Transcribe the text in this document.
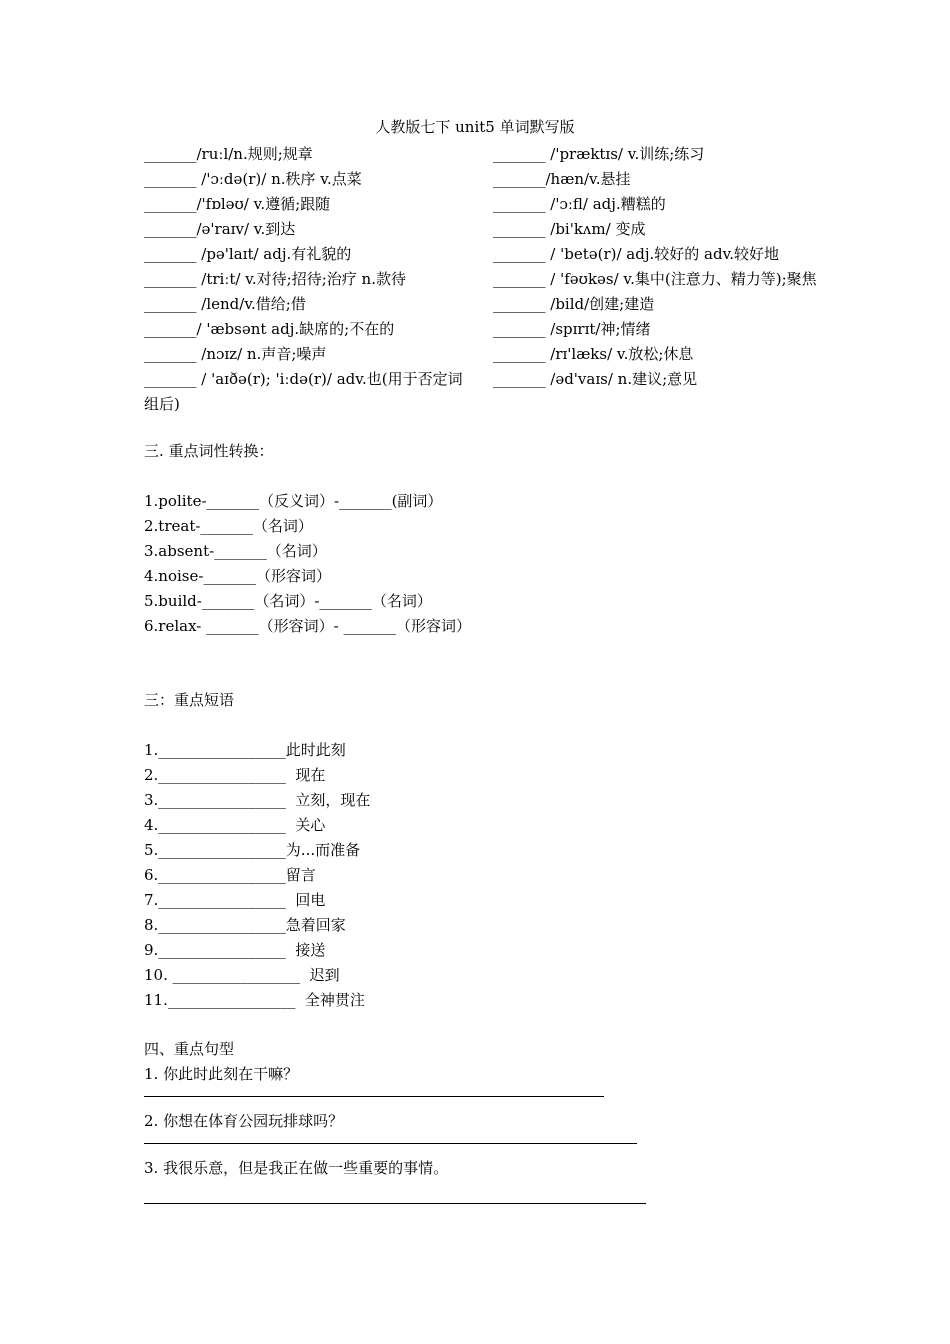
人教版七下 unit5 单词默写版
_______/ruːl/n.规则;规章
_______ /'ɔːdə(r)/ n.秩序 v.点菜
_______/'fɒləʊ/ v.遵循;跟随
_______/ə'raɪv/ v.到达
_______ /pə'laɪt/ adj.有礼貌的
_______ /triːt/ v.对待;招待;治疗 n.款待
_______ /lend/v.借给;借
_______/ 'æbsənt adj.缺席的;不在的
_______ /nɔɪz/ n.声音;噪声
_______ / 'aɪðə(r); 'iːdə(r)/ adv.也(用于否定词组后)
_______ /'præktɪs/ v.训练;练习
_______/hæn/v.悬挂
_______ /'ɔːfl/ adj.糟糕的
_______ /bi'kʌm/ 变成
_______ / 'betə(r)/ adj.较好的 adv.较好地
_______ / 'fəʊkəs/ v.集中(注意力、精力等);聚焦
_______ /bild/创建;建造
_______ /spɪrɪt/神;情绪
_______ /rɪ'læks/ v.放松;休息
_______ /əd'vaɪs/ n.建议;意见
三. 重点词性转换：
1.polite-_______（反义词）-_______(副词）
2.treat-_______（名词）
3.absent-_______（名词）
4.noise-_______（形容词）
5.build-_______（名词）-_______（名词）
6.relax- _______（形容词）- _______（形容词）
三：重点短语
1._________________此时此刻
2._________________  现在
3._________________  立刻，现在
4._________________  关心
5._________________为...而准备
6._________________留言
7._________________  回电
8._________________急着回家
9._________________  接送
10. _________________  迟到
11._________________  全神贯注
四、重点句型
1. 你此时此刻在干嘛？
2. 你想在体育公园玩排球吗？
3. 我很乐意，但是我正在做一些重要的事情。
